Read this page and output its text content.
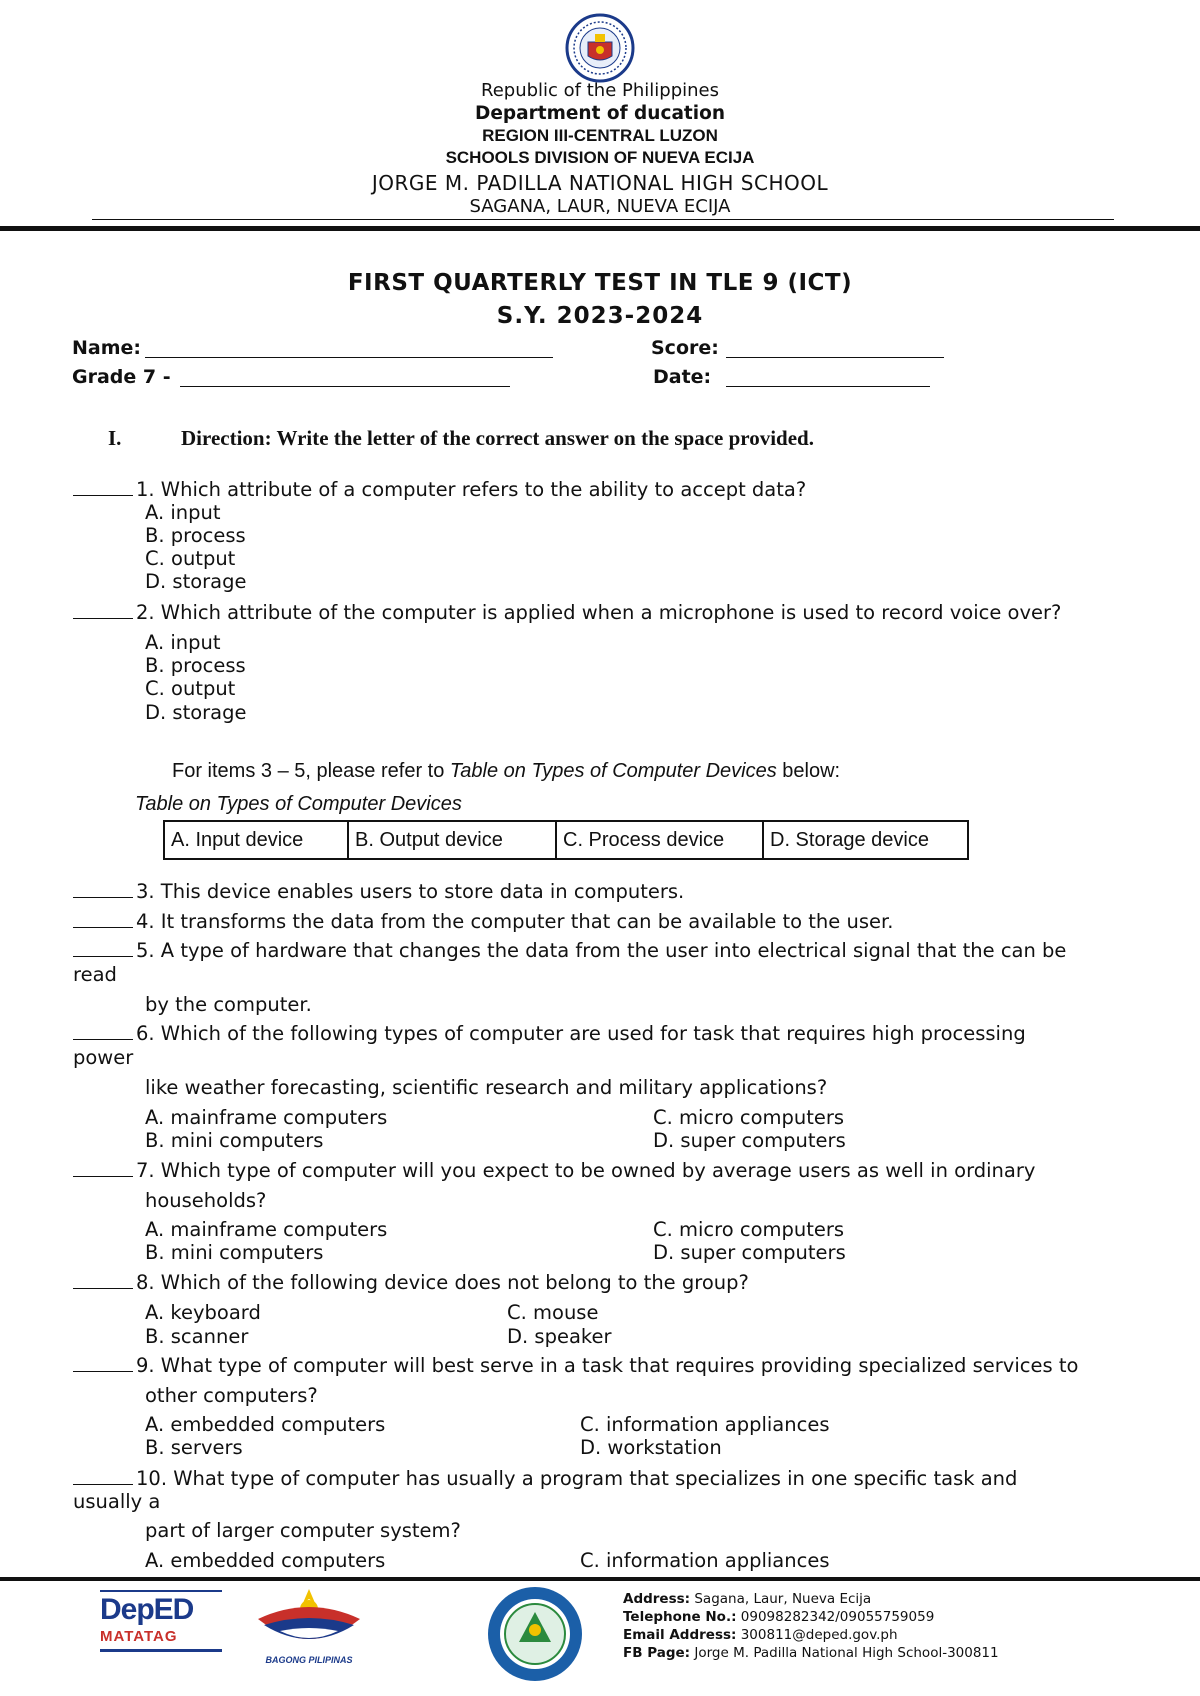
Republic of the Philippines
Department of ducation
REGION III-CENTRAL LUZON
SCHOOLS DIVISION OF NUEVA ECIJA
JORGE M. PADILLA NATIONAL HIGH SCHOOL
SAGANA, LAUR, NUEVA ECIJA
FIRST QUARTERLY TEST IN TLE 9 (ICT)
S.Y. 2023-2024
Name:
Grade 7 -
Score:
Date:
I.	Direction: Write the letter of the correct answer on the space provided.
1. Which attribute of a computer refers to the ability to accept data?
A. input
B. process
C. output
D. storage
2. Which attribute of the computer is applied when a microphone is used to record voice over?
A. input
B. process
C. output
D. storage
For items 3 – 5, please refer to Table on Types of Computer Devices below:
Table on Types of Computer Devices
A. Input device	B. Output device	C. Process device	D. Storage device
3. This device enables users to store data in computers.
4. It transforms the data from the computer that can be available to the user.
5. A type of hardware that changes the data from the user into electrical signal that the can be
read
by the computer.
6. Which of the following types of computer are used for task that requires high processing
power
like weather forecasting, scientific research and military applications?
A. mainframe computers
B. mini computers
C. micro computers
D. super computers
7. Which type of computer will you expect to be owned by average users as well in ordinary
households?
A. mainframe computers
B. mini computers
C. micro computers
D. super computers
8. Which of the following device does not belong to the group?
A. keyboard
B. scanner
C. mouse
D. speaker
9. What type of computer will best serve in a task that requires providing specialized services to
other computers?
A. embedded computers
B. servers
C. information appliances
D. workstation
10. What type of computer has usually a program that specializes in one specific task and
usually a
part of larger computer system?
A. embedded computers	C. information appliances
DepED
MATATAG
BAGONG PILIPINAS
Address: Sagana, Laur, Nueva Ecija
Telephone No.: 09098282342/09055759059
Email Address: 300811@deped.gov.ph
FB Page: Jorge M. Padilla National High School-300811
